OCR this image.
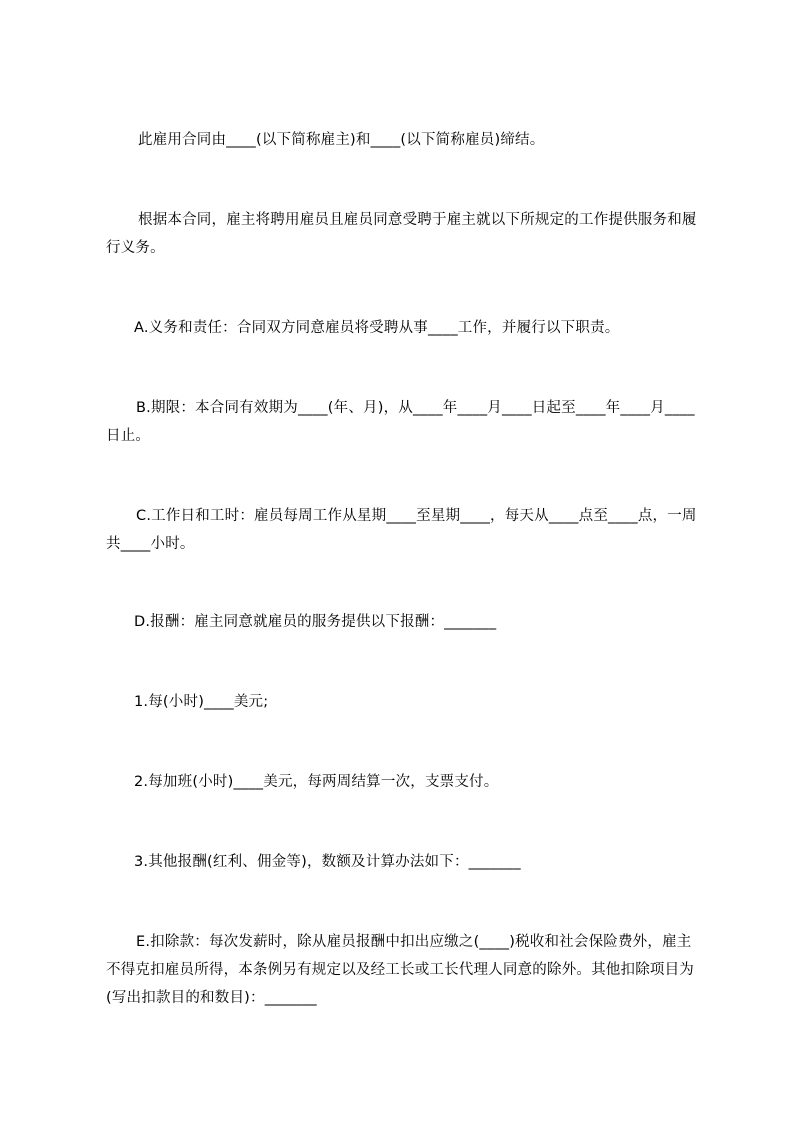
此雇用合同由____(以下简称雇主)和____(以下简称雇员)缔结。
根据本合同，雇主将聘用雇员且雇员同意受聘于雇主就以下所规定的工作提供服务和履行义务。
A.义务和责任：合同双方同意雇员将受聘从事____工作，并履行以下职责。
B.期限：本合同有效期为____(年、月)，从____年____月____日起至____年____月____日止。
C.工作日和工时：雇员每周工作从星期____至星期____，每天从____点至____点，一周共____小时。
D.报酬：雇主同意就雇员的服务提供以下报酬：_______
1.每(小时)____美元;
2.每加班(小时)____美元，每两周结算一次，支票支付。
3.其他报酬(红利、佣金等)，数额及计算办法如下：_______
E.扣除款：每次发薪时，除从雇员报酬中扣出应缴之(____)税收和社会保险费外，雇主不得克扣雇员所得，本条例另有规定以及经工长或工长代理人同意的除外。其他扣除项目为(写出扣款目的和数目)：_______
